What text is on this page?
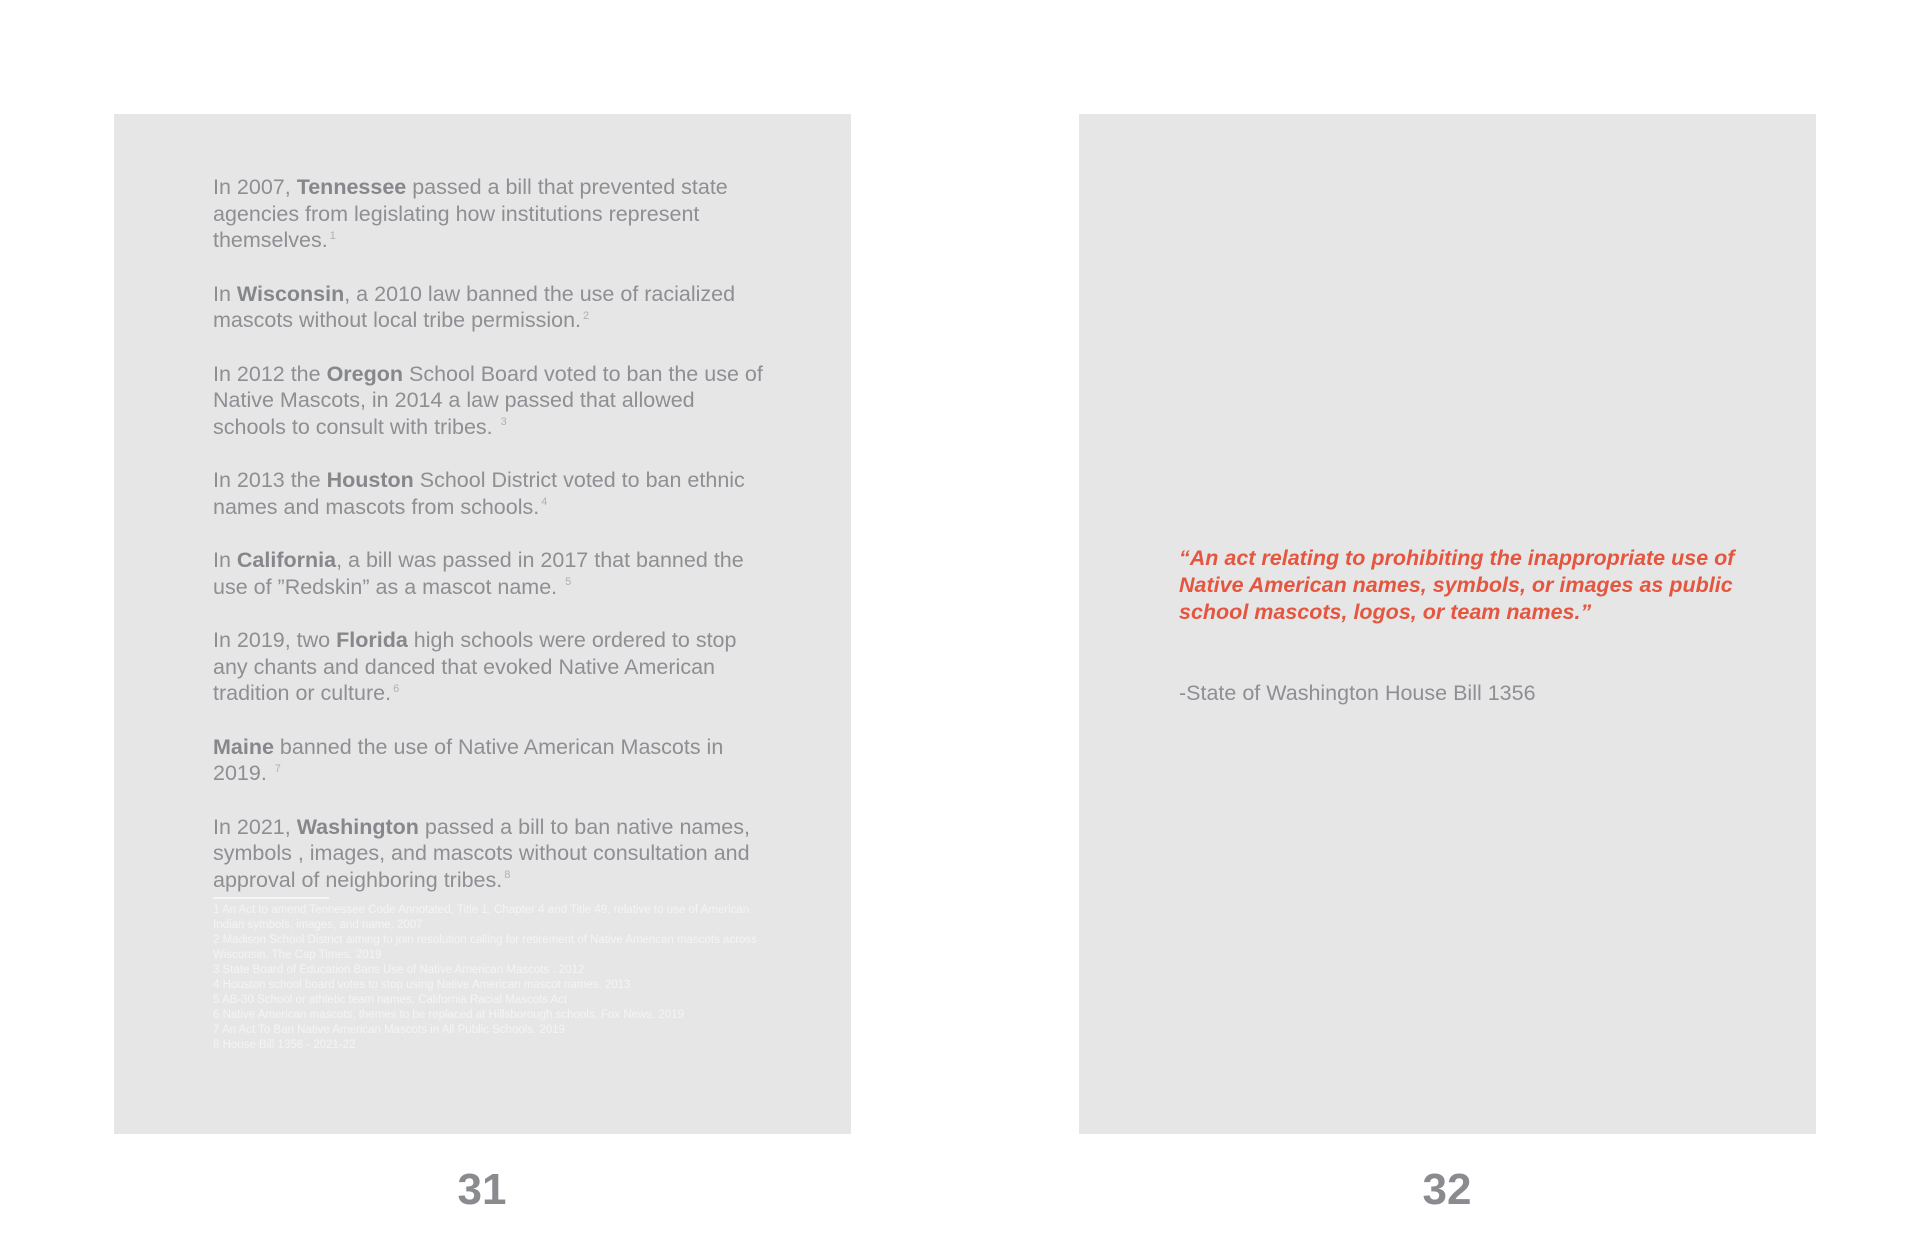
In 2007, Tennessee passed a bill that prevented state agencies from legislating how institutions represent themselves. $^1$

In Wisconsin, a 2010 law banned the use of racialized mascots without local tribe permission. $^2$

In 2012 the Oregon School Board voted to ban the use of Native Mascots, in 2014 a law passed that allowed schools to consult with tribes. $^3$

In 2013 the Houston School District voted to ban ethnic names and mascots from schools. $^4$

In California, a bill was passed in 2017 that banned the use of ”Redskin” as a mascot name. $^5$

In 2019, two Florida high schools were ordered to stop any chants and danced that evoked Native American tradition or culture. $^6$

Maine banned the use of Native American Mascots in 2019. $^7$

In 2021, Washington passed a bill to ban native names, symbols , images, and mascots without consultation and approval of neighboring tribes. $^8$

1 An Act to amend Tennessee Code Annotated, Title 1, Chapter 4 and Title 49, relative to use of American Indian symbols, images, and name. 2007

2 Madison School District aiming to join resolution calling for retirement of Native American mascots across Wisconsin. The Cap Times. 2019

3 State Board of Education Bans Use of Native American Mascots . 2012

4 Houston school board votes to stop using Native American mascot names. 2013

5 AB-30 School or athletic team names: California Racial Mascots Act

6 Native American mascots, themes to be replaced at Hillsborough schools. Fox News. 2019

7 An Act To Ban Native American Mascots in All Public Schools. 2019

8 House Bill 1356 - 2021-22

“An act relating to prohibiting the inappropriate use of Native American names, symbols, or images as public school mascots, logos, or team names.”

-State of Washington House Bill 1356

31	32
